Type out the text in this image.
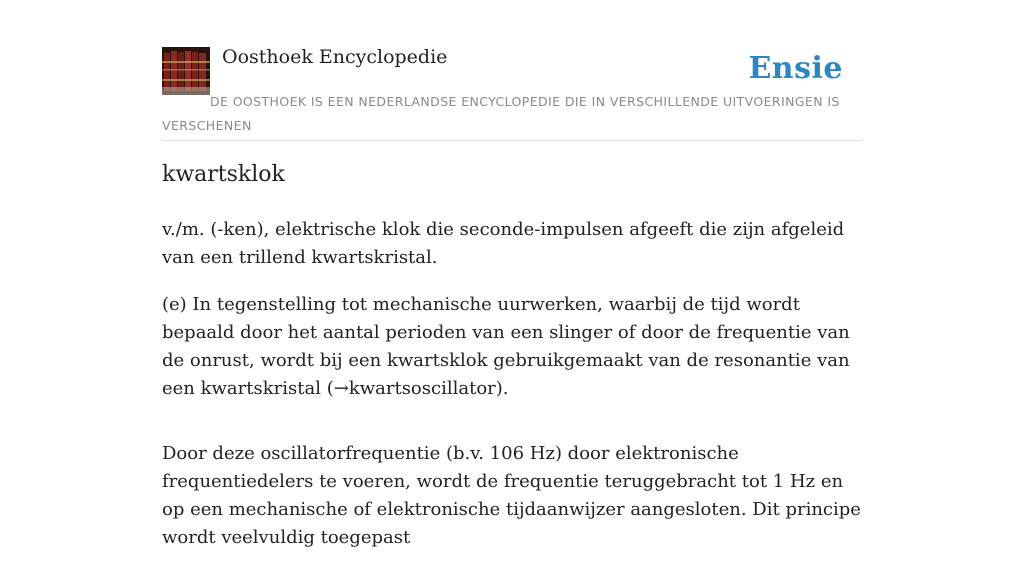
Oosthoek Encyclopedie	Ensie
DE OOSTHOEK IS EEN NEDERLANDSE ENCYCLOPEDIE DIE IN VERSCHILLENDE UITVOERINGEN IS VERSCHENEN
kwartsklok

v./m. (-ken), elektrische klok die seconde-impulsen afgeeft die zijn afgeleid van een trillend kwartskristal.

(e) In tegenstelling tot mechanische uurwerken, waarbij de tijd wordt bepaald door het aantal perioden van een slinger of door de frequentie van de onrust, wordt bij een kwartsklok gebruikgemaakt van de resonantie van een kwartskristal (→kwartsoscillator).

Door deze oscillatorfrequentie (b.v. 106 Hz) door elektronische frequentiedelers te voeren, wordt de frequentie teruggebracht tot 1 Hz en op een mechanische of elektronische tijdaanwijzer aangesloten. Dit principe wordt veelvuldig toegepast
